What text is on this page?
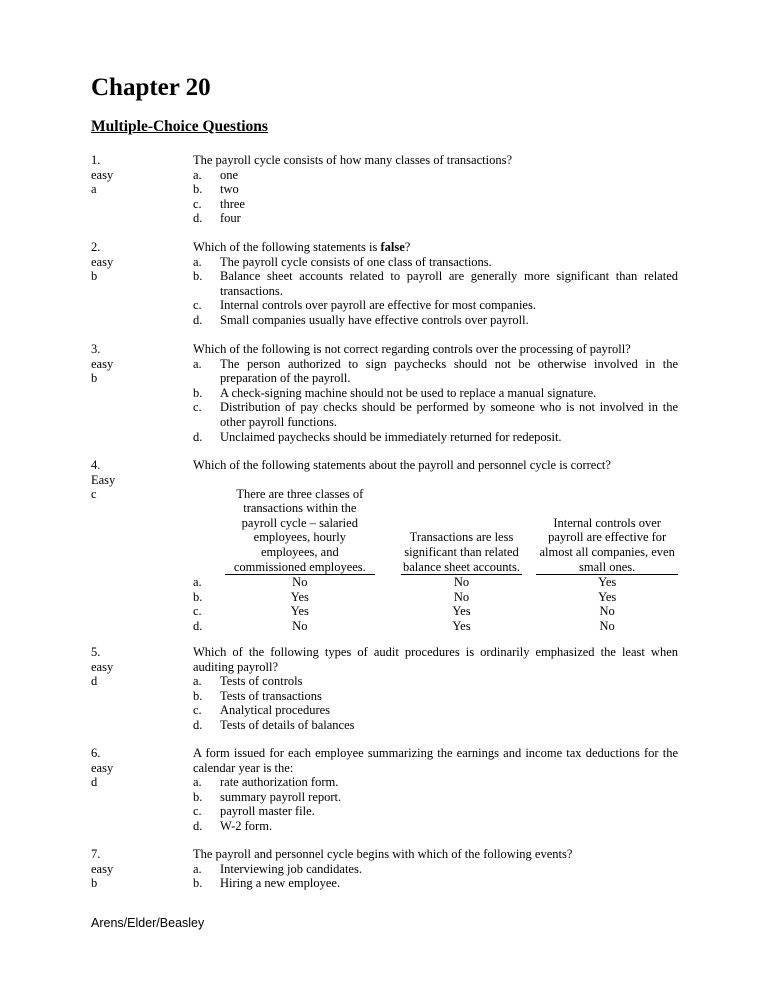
Chapter 20
Multiple-Choice Questions
1.
easy
a
The payroll cycle consists of how many classes of transactions?
a.	one
b.	two
c.	three
d.	four
2.
easy
b
Which of the following statements is false?
a.	The payroll cycle consists of one class of transactions.
b.	Balance sheet accounts related to payroll are generally more significant than related transactions.
c.	Internal controls over payroll are effective for most companies.
d.	Small companies usually have effective controls over payroll.
3.
easy
b
Which of the following is not correct regarding controls over the processing of payroll?
a.	The person authorized to sign paychecks should not be otherwise involved in the preparation of the payroll.
b.	A check-signing machine should not be used to replace a manual signature.
c.	Distribution of pay checks should be performed by someone who is not involved in the other payroll functions.
d.	Unclaimed paychecks should be immediately returned for redeposit.
4.
Easy
c
Which of the following statements about the payroll and personnel cycle is correct?
There are three classes of transactions within the payroll cycle – salaried employees, hourly employees, and commissioned employees.
Transactions are less significant than related balance sheet accounts.
Internal controls over payroll are effective for almost all companies, even small ones.
a.	No	No	Yes
b.	Yes	No	Yes
c.	Yes	Yes	No
d.	No	Yes	No
5.
easy
d
Which of the following types of audit procedures is ordinarily emphasized the least when auditing payroll?
a.	Tests of controls
b.	Tests of transactions
c.	Analytical procedures
d.	Tests of details of balances
6.
easy
d
A form issued for each employee summarizing the earnings and income tax deductions for the calendar year is the:
a.	rate authorization form.
b.	summary payroll report.
c.	payroll master file.
d.	W-2 form.
7.
easy
b
The payroll and personnel cycle begins with which of the following events?
a.	Interviewing job candidates.
b.	Hiring a new employee.
Arens/Elder/Beasley
